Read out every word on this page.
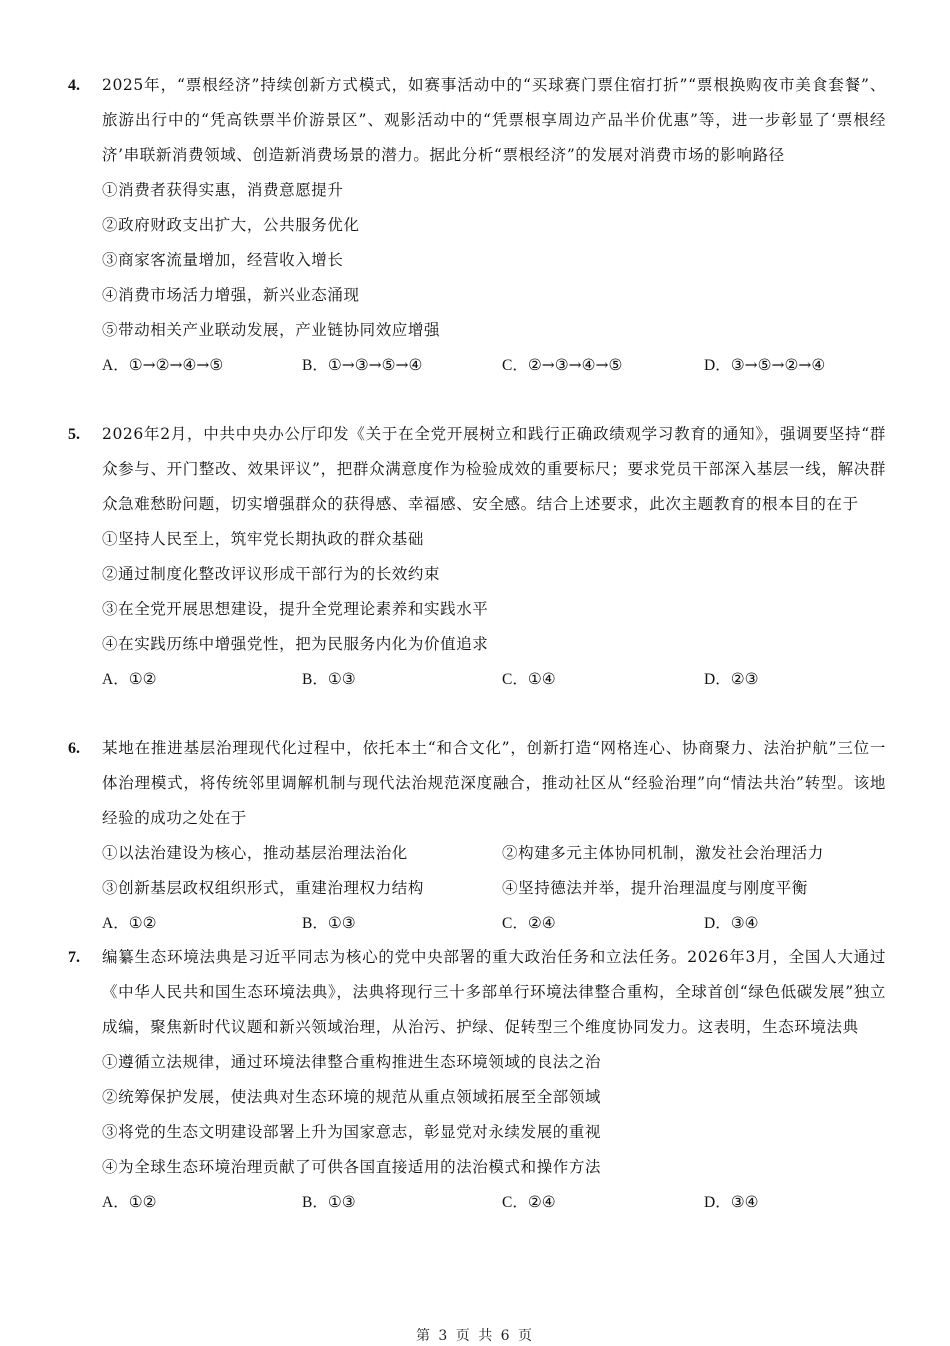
4. 2025年，“票根经济”持续创新方式模式，如赛事活动中的“买球赛门票住宿打折”“票根换购夜市美食套餐”、旅游出行中的“凭高铁票半价游景区”、观影活动中的“凭票根享周边产品半价优惠”等，进一步彰显了‘票根经济’串联新消费领域、创造新消费场景的潜力。据此分析“票根经济”的发展对消费市场的影响路径
①消费者获得实惠，消费意愿提升
②政府财政支出扩大，公共服务优化
③商家客流量增加，经营收入增长
④消费市场活力增强，新兴业态涌现
⑤带动相关产业联动发展，产业链协同效应增强
A．①→②→④→⑤	B．①→③→⑤→④	C．②→③→④→⑤	D．③→⑤→②→④
5. 2026年2月，中共中央办公厅印发《关于在全党开展树立和践行正确政绩观学习教育的通知》，强调要坚持“群众参与、开门整改、效果评议”，把群众满意度作为检验成效的重要标尺；要求党员干部深入基层一线，解决群众急难愁盼问题，切实增强群众的获得感、幸福感、安全感。结合上述要求，此次主题教育的根本目的在于
①坚持人民至上，筑牢党长期执政的群众基础
②通过制度化整改评议形成干部行为的长效约束
③在全党开展思想建设，提升全党理论素养和实践水平
④在实践历练中增强党性，把为民服务内化为价值追求
A．①②	B．①③	C．①④	D．②③
6. 某地在推进基层治理现代化过程中，依托本土“和合文化”，创新打造“网格连心、协商聚力、法治护航”三位一体治理模式，将传统邻里调解机制与现代法治规范深度融合，推动社区从“经验治理”向“情法共治”转型。该地经验的成功之处在于
①以法治建设为核心，推动基层治理法治化	②构建多元主体协同机制，激发社会治理活力
③创新基层政权组织形式，重建治理权力结构	④坚持德法并举，提升治理温度与刚度平衡
A．①②	B．①③	C．②④	D．③④
7. 编纂生态环境法典是习近平同志为核心的党中央部署的重大政治任务和立法任务。2026年3月，全国人大通过《中华人民共和国生态环境法典》，法典将现行三十多部单行环境法律整合重构，全球首创“绿色低碳发展”独立成编，聚焦新时代议题和新兴领域治理，从治污、护绿、促转型三个维度协同发力。这表明，生态环境法典
①遵循立法规律，通过环境法律整合重构推进生态环境领域的良法之治
②统筹保护发展，使法典对生态环境的规范从重点领域拓展至全部领域
③将党的生态文明建设部署上升为国家意志，彰显党对永续发展的重视
④为全球生态环境治理贡献了可供各国直接适用的法治模式和操作方法
A．①②	B．①③	C．②④	D．③④
第 3 页 共 6 页
